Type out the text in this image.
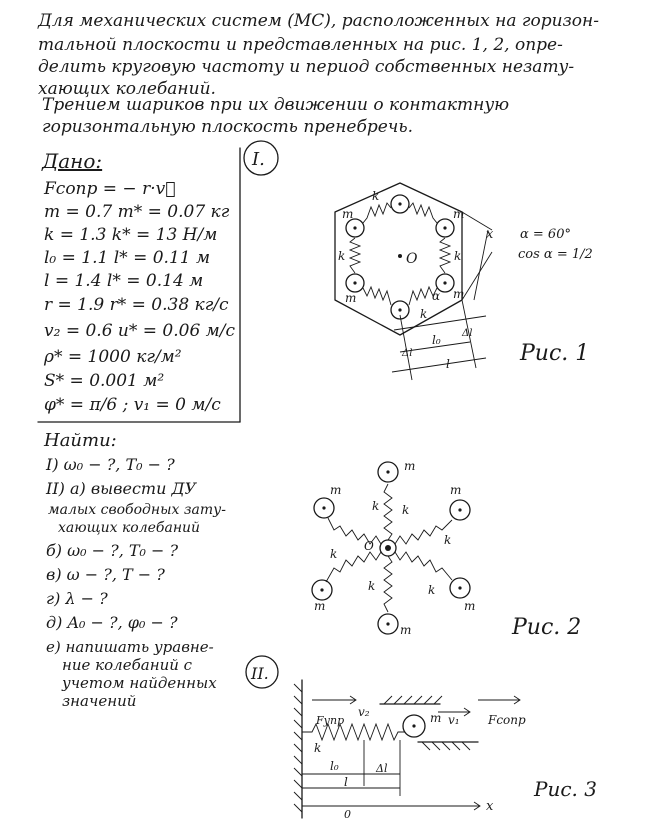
Для механических систем (МС), расположенных на горизон-
тальной плоскости и представленных на рис. 1, 2, опре-
делить круговую частоту и период собственных незату-
хающих колебаний.
Трением шариков при их движении о контактную
горизонтальную плоскость пренебречь.
Дано:
Fсопр = − r·v⃗
m = 0.7 m* = 0.07 кг
k = 1.3 k* = 13 Н/м
l₀ = 1.1 l* = 0.11 м
l = 1.4 l* = 0.14 м
r = 1.9 r* = 0.38 кг/с
v₂ = 0.6 u* = 0.06 м/с
ρ* = 1000 кг/м²
S* = 0.001 м²
φ* = π/6 ; v₁ = 0 м/с
Найти:
I) ω₀ − ?, T₀ − ?
II) а) вывести ДУ
малых свободных зату-
хающих колебаний
б) ω₀ − ?, T₀ − ?
в) ω − ?, T − ?
г) λ − ?
д) A₀ − ?, φ₀ − ?
е) напишать уравне-
ние колебаний с
учетом найденных
значений
I.
O
m	m
m	m
k
k	k
k
α
x
l₀ Δl
Δl
l
α = 60°
cos α = 1/2
Рис. 1
m
m
m
m
m
m
k k
k
k
k
k
O
Рис. 2
II.
Fупр
v₂	m v₁ Fсопр
k
l₀	Δl
l
x
0
Рис. 3
